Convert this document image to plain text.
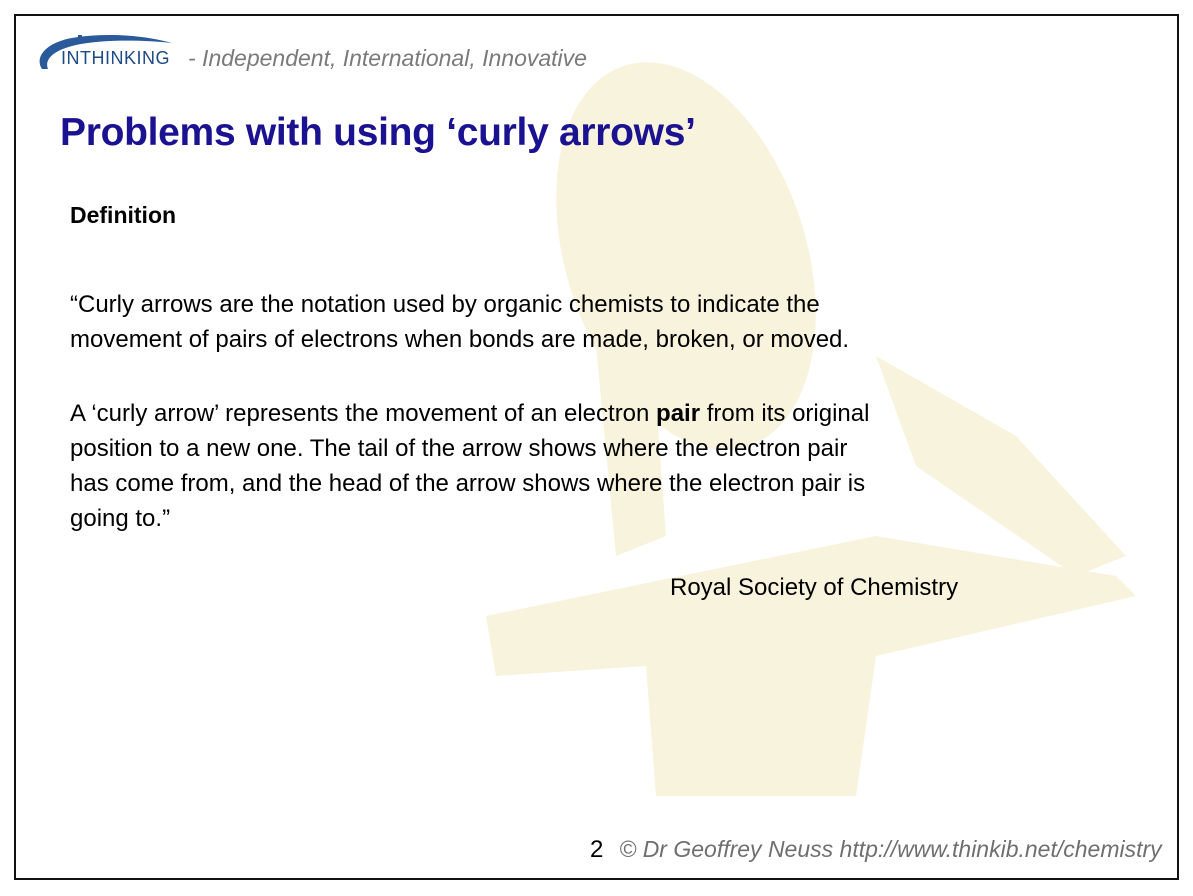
INTHINKING - Independent, International, Innovative
Problems with using ‘curly arrows’
Definition
“Curly arrows are the notation used by organic chemists to indicate the
movement of pairs of electrons when bonds are made, broken, or moved.
A ‘curly arrow’ represents the movement of an electron pair from its original
position to a new one. The tail of the arrow shows where the electron pair
has come from, and the head of the arrow shows where the electron pair is
going to.”
Royal Society of Chemistry
2 © Dr Geoffrey Neuss http://www.thinkib.net/chemistry
